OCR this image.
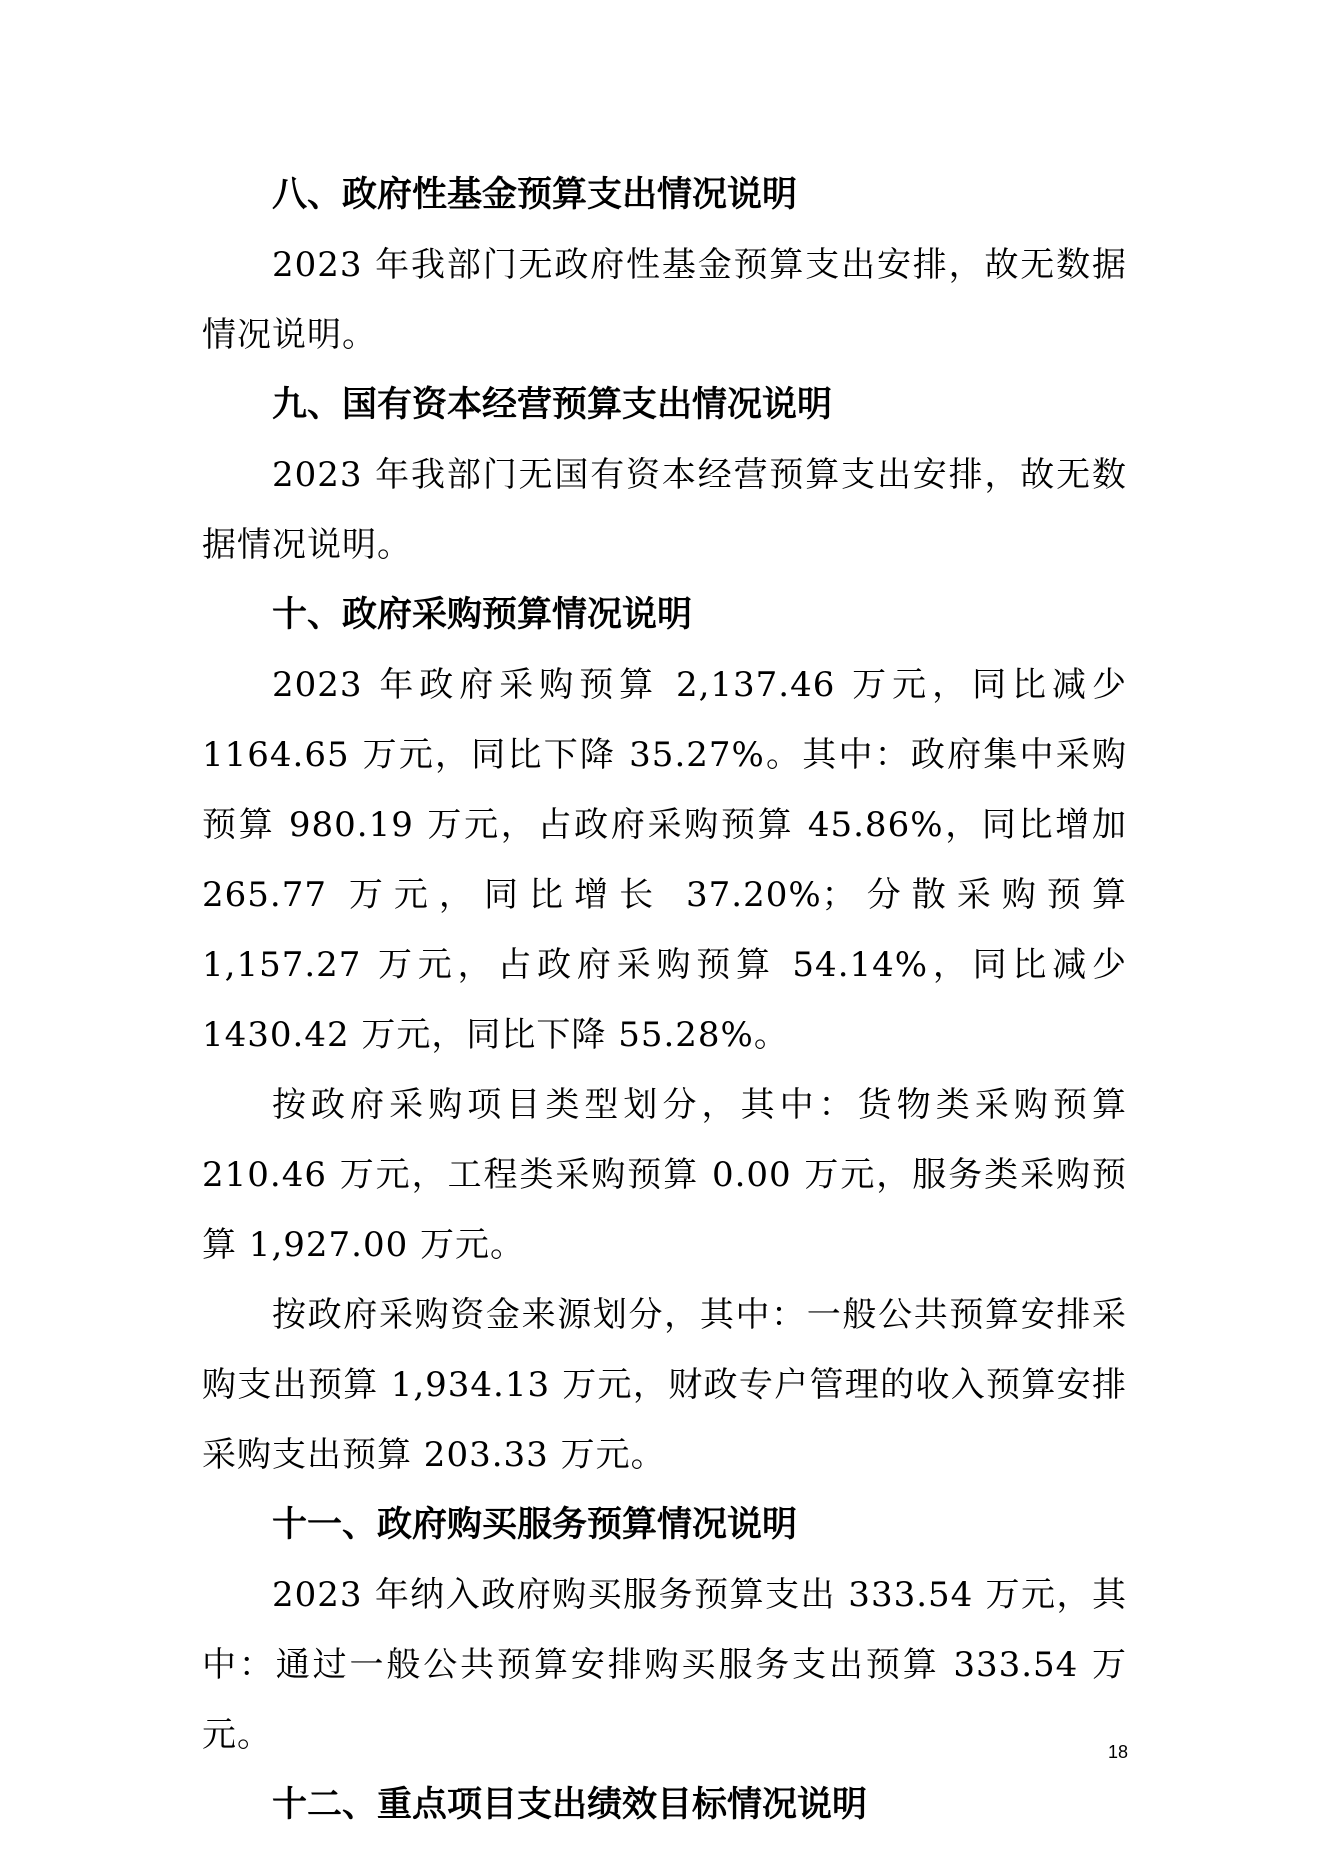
八、政府性基金预算支出情况说明

2023 年我部门无政府性基金预算支出安排，故无数据情况说明。

九、国有资本经营预算支出情况说明

2023 年我部门无国有资本经营预算支出安排，故无数据情况说明。

十、政府采购预算情况说明

2023 年政府采购预算 2,137.46 万元，同比减少 1164.65 万元，同比下降 35.27%。其中：政府集中采购预算 980.19 万元，占政府采购预算 45.86%，同比增加 265.77 万元，同比增长 37.20%；分散采购预算 1,157.27 万元，占政府采购预算 54.14%，同比减少 1430.42 万元，同比下降 55.28%。

按政府采购项目类型划分，其中：货物类采购预算 210.46 万元，工程类采购预算 0.00 万元，服务类采购预算 1,927.00 万元。

按政府采购资金来源划分，其中：一般公共预算安排采购支出预算 1,934.13 万元，财政专户管理的收入预算安排采购支出预算 203.33 万元。

十一、政府购买服务预算情况说明

2023 年纳入政府购买服务预算支出 333.54 万元，其中：通过一般公共预算安排购买服务支出预算 333.54 万元。

十二、重点项目支出绩效目标情况说明
18
